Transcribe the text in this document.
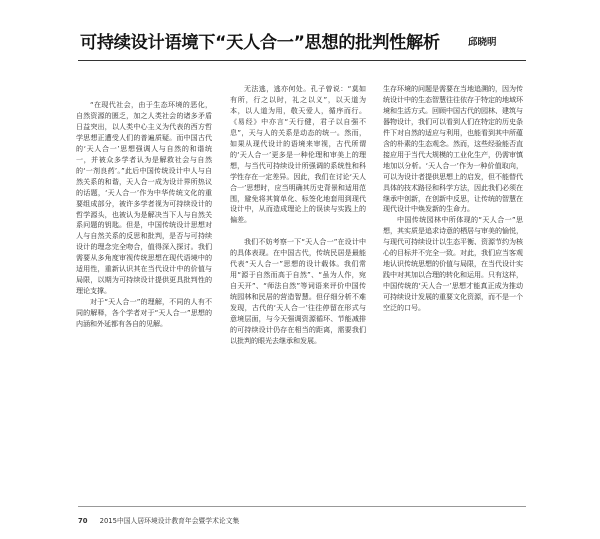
可持续设计语境下“天人合一”思想的批判性解析	邱晓明

“在现代社会，由于生态环境的恶化，自然资源的匮乏，加之人类社会的诸多矛盾日益突出，以人类中心主义为代表的西方哲学思想正遭受人们的普遍质疑。而中国古代的‘天人合一’思想强调人与自然的和谐统一，并被众多学者认为是解救社会与自然的‘一剂良药’。”此后中国传统设计中人与自然关系的和谐，天人合一成为设计界所热议的话题，‘天人合一’作为中华传统文化的重要组成部分，被许多学者视为可持续设计的哲学源头，也被认为是解决当下人与自然关系问题的钥匙。但是，中国传统设计思想对人与自然关系的反思和批判，是否与可持续设计的理念完全吻合，值得深入探讨。我们需要从多角度审视传统思想在现代语境中的适用性，重新认识其在当代设计中的价值与局限，以期为可持续设计提供更具批判性的理论支撑。

对于“天人合一”的理解，不同的人有不同的解释，各个学者对于“天人合一”思想的内涵和外延都有各自的见解。

无法逃，逃亦何处。孔子曾说：“莫如有所，行之以时，礼之以义”，以天道为本，以人道为用，敬天爱人，循序而行。《易经》中亦言“天行健，君子以自强不息”，天与人的关系是动态的统一。然而，如果从现代设计的语境来审视，古代所谓的‘天人合一’更多是一种伦理和审美上的理想，与当代可持续设计所强调的系统性和科学性存在一定差异。因此，我们在讨论‘天人合一’思想时，应当明确其历史背景和适用范围，避免将其简单化、标签化地套用到现代设计中，从而造成理论上的误读与实践上的偏差。

我们不妨考察一下“天人合一”在设计中的具体表现。在中国古代，传统民居是最能代表“天人合一”思想的设计载体。我们常用“源于自然而高于自然”、“虽为人作，宛自天开”、“师法自然”等词语来评价中国传统园林和民居的营造智慧。但仔细分析不难发现，古代的‘天人合一’往往停留在形式与意境层面，与今天强调资源循环、节能减排的可持续设计仍存在相当的距离，需要我们以批判的眼光去继承和发展。

生存环境的问题是需要在当地追溯的，因为传统设计中的生态智慧往往依存于特定的地域环境和生活方式。回顾中国古代的园林、建筑与器物设计，我们可以看到人们在特定的历史条件下对自然的适应与利用，也能看到其中所蕴含的朴素的生态观念。然而，这些经验能否直接应用于当代大规模的工业化生产，仍需审慎地加以分析。‘天人合一’作为一种价值取向，可以为设计者提供思想上的启发，但不能替代具体的技术路径和科学方法，因此我们必须在继承中创新，在创新中反思，让传统的智慧在现代设计中焕发新的生命力。

中国传统园林中所体现的“天人合一”思想，其实质是追求诗意的栖居与审美的愉悦，与现代可持续设计以生态平衡、资源节约为核心的目标并不完全一致。对此，我们应当客观地认识传统思想的价值与局限，在当代设计实践中对其加以合理的转化和运用。只有这样，中国传统的‘天人合一’思想才能真正成为推动可持续设计发展的重要文化资源，而不是一个空泛的口号。

70 2015中国人居环境设计教育年会暨学术论文集
